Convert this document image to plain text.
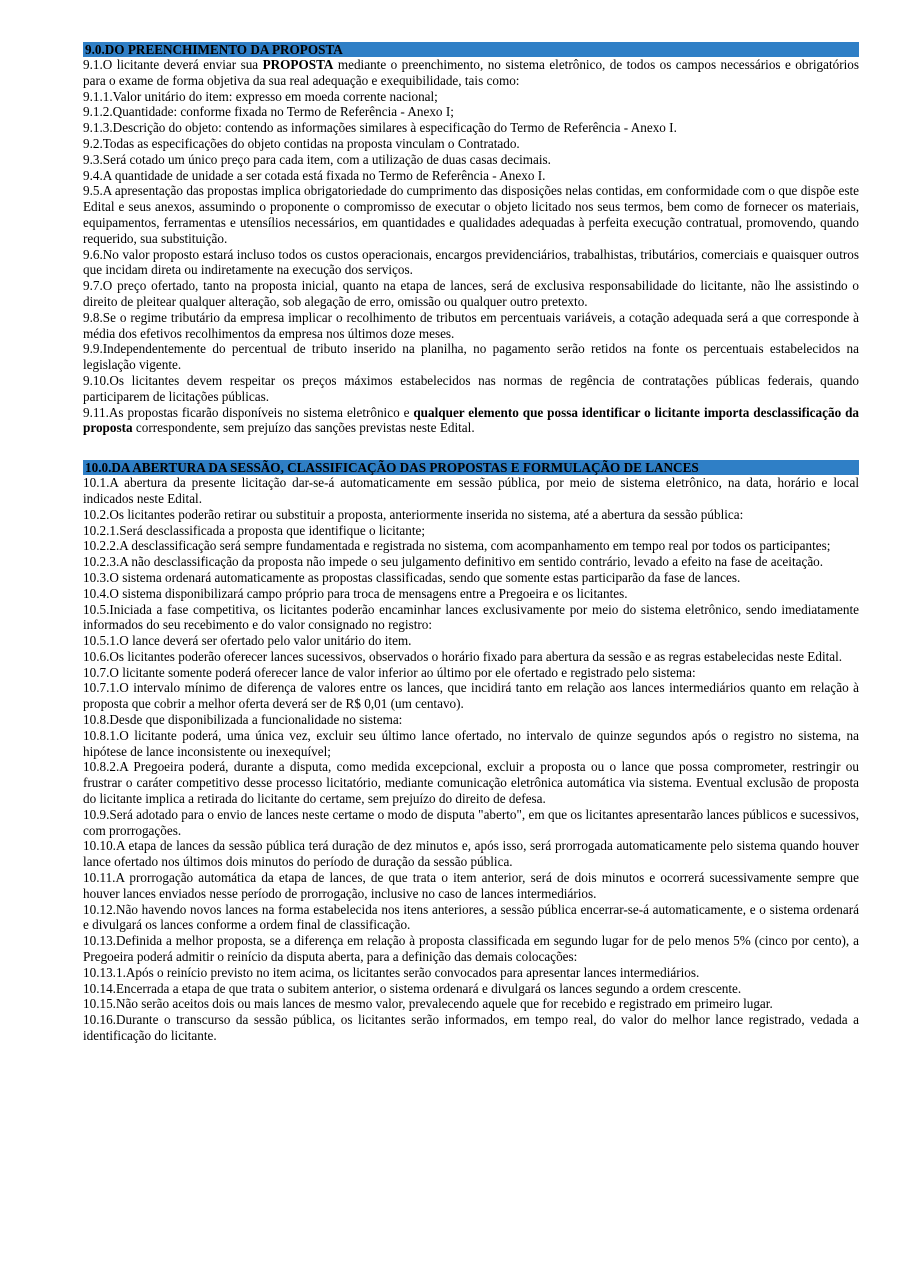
9.0.DO PREENCHIMENTO DA PROPOSTA
9.1.O licitante deverá enviar sua PROPOSTA mediante o preenchimento, no sistema eletrônico, de todos os campos necessários e obrigatórios para o exame de forma objetiva da sua real adequação e exequibilidade, tais como:
9.1.1.Valor unitário do item: expresso em moeda corrente nacional;
9.1.2.Quantidade: conforme fixada no Termo de Referência - Anexo I;
9.1.3.Descrição do objeto: contendo as informações similares à especificação do Termo de Referência - Anexo I.
9.2.Todas as especificações do objeto contidas na proposta vinculam o Contratado.
9.3.Será cotado um único preço para cada item, com a utilização de duas casas decimais.
9.4.A quantidade de unidade a ser cotada está fixada no Termo de Referência - Anexo I.
9.5.A apresentação das propostas implica obrigatoriedade do cumprimento das disposições nelas contidas, em conformidade com o que dispõe este Edital e seus anexos, assumindo o proponente o compromisso de executar o objeto licitado nos seus termos, bem como de fornecer os materiais, equipamentos, ferramentas e utensílios necessários, em quantidades e qualidades adequadas à perfeita execução contratual, promovendo, quando requerido, sua substituição.
9.6.No valor proposto estará incluso todos os custos operacionais, encargos previdenciários, trabalhistas, tributários, comerciais e quaisquer outros que incidam direta ou indiretamente na execução dos serviços.
9.7.O preço ofertado, tanto na proposta inicial, quanto na etapa de lances, será de exclusiva responsabilidade do licitante, não lhe assistindo o direito de pleitear qualquer alteração, sob alegação de erro, omissão ou qualquer outro pretexto.
9.8.Se o regime tributário da empresa implicar o recolhimento de tributos em percentuais variáveis, a cotação adequada será a que corresponde à média dos efetivos recolhimentos da empresa nos últimos doze meses.
9.9.Independentemente do percentual de tributo inserido na planilha, no pagamento serão retidos na fonte os percentuais estabelecidos na legislação vigente.
9.10.Os licitantes devem respeitar os preços máximos estabelecidos nas normas de regência de contratações públicas federais, quando participarem de licitações públicas.
9.11.As propostas ficarão disponíveis no sistema eletrônico e qualquer elemento que possa identificar o licitante importa desclassificação da proposta correspondente, sem prejuízo das sanções previstas neste Edital.
10.0.DA ABERTURA DA SESSÃO, CLASSIFICAÇÃO DAS PROPOSTAS E FORMULAÇÃO DE LANCES
10.1.A abertura da presente licitação dar-se-á automaticamente em sessão pública, por meio de sistema eletrônico, na data, horário e local indicados neste Edital.
10.2.Os licitantes poderão retirar ou substituir a proposta, anteriormente inserida no sistema, até a abertura da sessão pública:
10.2.1.Será desclassificada a proposta que identifique o licitante;
10.2.2.A desclassificação será sempre fundamentada e registrada no sistema, com acompanhamento em tempo real por todos os participantes;
10.2.3.A não desclassificação da proposta não impede o seu julgamento definitivo em sentido contrário, levado a efeito na fase de aceitação.
10.3.O sistema ordenará automaticamente as propostas classificadas, sendo que somente estas participarão da fase de lances.
10.4.O sistema disponibilizará campo próprio para troca de mensagens entre a Pregoeira e os licitantes.
10.5.Iniciada a fase competitiva, os licitantes poderão encaminhar lances exclusivamente por meio do sistema eletrônico, sendo imediatamente informados do seu recebimento e do valor consignado no registro:
10.5.1.O lance deverá ser ofertado pelo valor unitário do item.
10.6.Os licitantes poderão oferecer lances sucessivos, observados o horário fixado para abertura da sessão e as regras estabelecidas neste Edital.
10.7.O licitante somente poderá oferecer lance de valor inferior ao último por ele ofertado e registrado pelo sistema:
10.7.1.O intervalo mínimo de diferença de valores entre os lances, que incidirá tanto em relação aos lances intermediários quanto em relação à proposta que cobrir a melhor oferta deverá ser de R$ 0,01 (um centavo).
10.8.Desde que disponibilizada a funcionalidade no sistema:
10.8.1.O licitante poderá, uma única vez, excluir seu último lance ofertado, no intervalo de quinze segundos após o registro no sistema, na hipótese de lance inconsistente ou inexequível;
10.8.2.A Pregoeira poderá, durante a disputa, como medida excepcional, excluir a proposta ou o lance que possa comprometer, restringir ou frustrar o caráter competitivo desse processo licitatório, mediante comunicação eletrônica automática via sistema. Eventual exclusão de proposta do licitante implica a retirada do licitante do certame, sem prejuízo do direito de defesa.
10.9.Será adotado para o envio de lances neste certame o modo de disputa "aberto", em que os licitantes apresentarão lances públicos e sucessivos, com prorrogações.
10.10.A etapa de lances da sessão pública terá duração de dez minutos e, após isso, será prorrogada automaticamente pelo sistema quando houver lance ofertado nos últimos dois minutos do período de duração da sessão pública.
10.11.A prorrogação automática da etapa de lances, de que trata o item anterior, será de dois minutos e ocorrerá sucessivamente sempre que houver lances enviados nesse período de prorrogação, inclusive no caso de lances intermediários.
10.12.Não havendo novos lances na forma estabelecida nos itens anteriores, a sessão pública encerrar-se-á automaticamente, e o sistema ordenará e divulgará os lances conforme a ordem final de classificação.
10.13.Definida a melhor proposta, se a diferença em relação à proposta classificada em segundo lugar for de pelo menos 5% (cinco por cento), a Pregoeira poderá admitir o reinício da disputa aberta, para a definição das demais colocações:
10.13.1.Após o reinício previsto no item acima, os licitantes serão convocados para apresentar lances intermediários.
10.14.Encerrada a etapa de que trata o subitem anterior, o sistema ordenará e divulgará os lances segundo a ordem crescente.
10.15.Não serão aceitos dois ou mais lances de mesmo valor, prevalecendo aquele que for recebido e registrado em primeiro lugar.
10.16.Durante o transcurso da sessão pública, os licitantes serão informados, em tempo real, do valor do melhor lance registrado, vedada a identificação do licitante.
